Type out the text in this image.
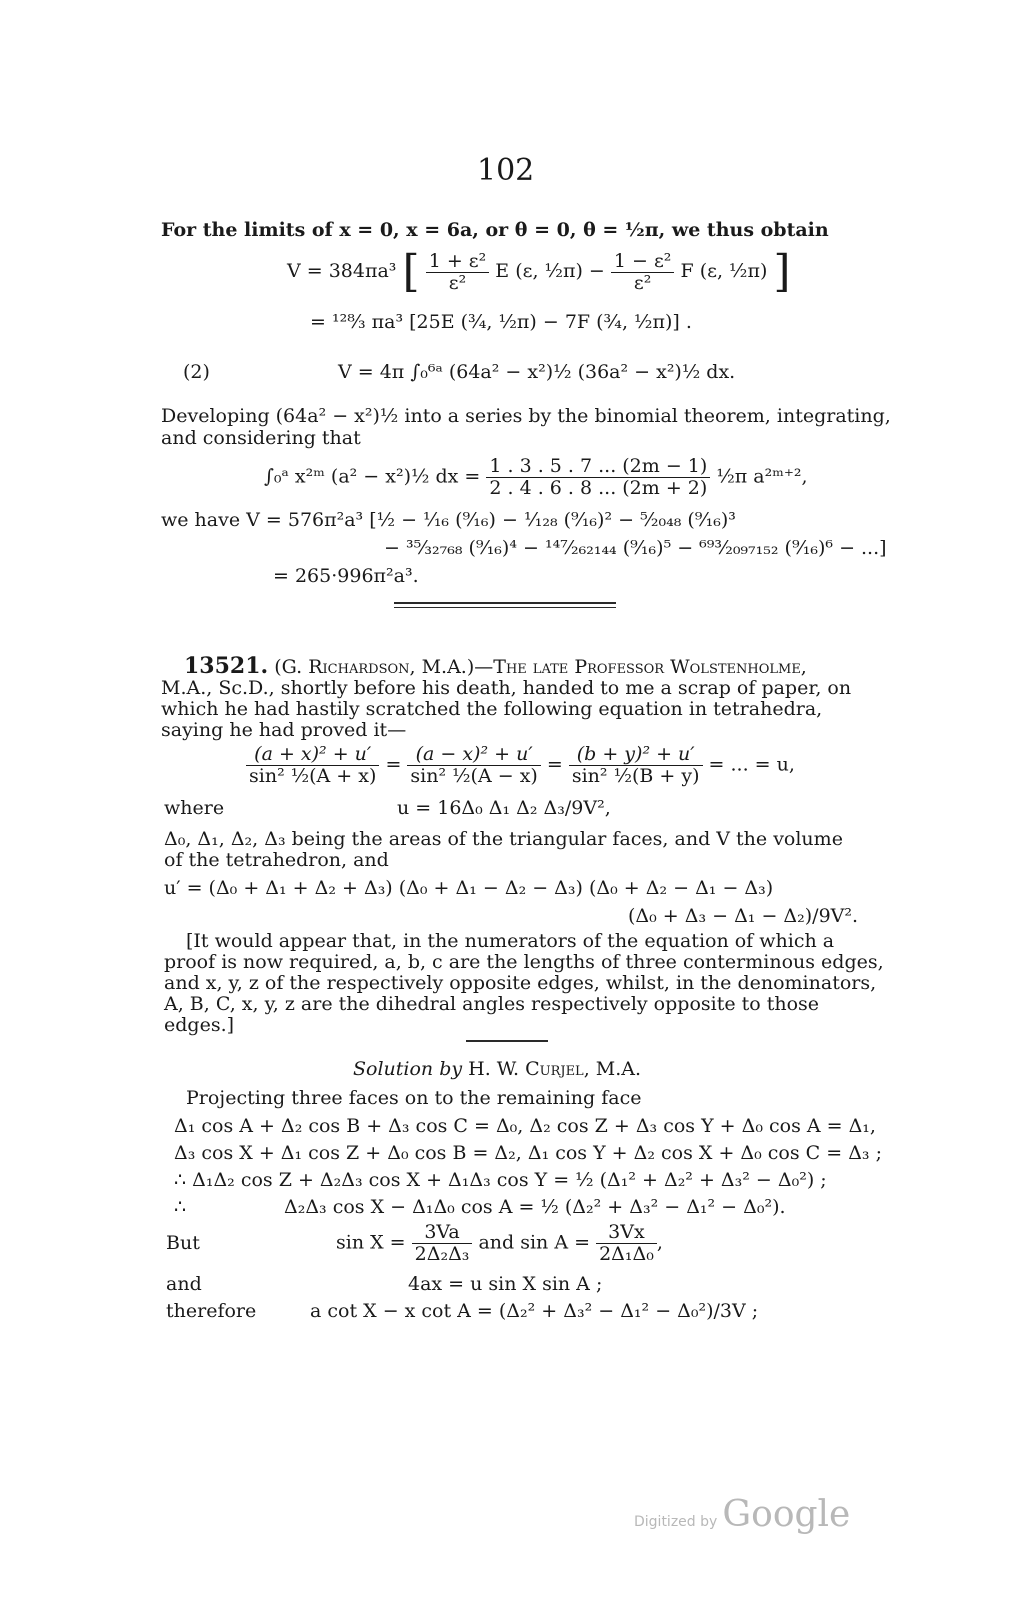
102
For the limits of x = 0, x = 6a, or θ = 0, θ = ½π, we thus obtain
V = 384πa³ [ $\frac{\text{1 + ε²}}{\text{ε²}}$ E (ε, ½π) − $\frac{\text{1 − ε²}}{\text{ε²}}$ F (ε, ½π) ]
= ¹²⁸⁄₃ πa³ [25E (¾, ½π) − 7F (¾, ½π)] .
(2)	V = 4π ∫₀⁶ᵃ (64a² − x²)½ (36a² − x²)½ dx.
Developing (64a² − x²)½ into a series by the binomial theorem, integrating,
and considering that
∫₀ᵃ x²ᵐ (a² − x²)½ dx = $\frac{1 . 3 . 5 . 7 ... (2m - 1)}{2 . 4 . 6 . 8 ... (2m + 2)}$ ½π a²ᵐ⁺²,
we have V = 576π²a³ [½ − ¹⁄₁₆ (⁹⁄₁₆) − ¹⁄₁₂₈ (⁹⁄₁₆)² − ⁵⁄₂₀₄₈ (⁹⁄₁₆)³
− ³⁵⁄₃₂₇₆₈ (⁹⁄₁₆)⁴ − ¹⁴⁷⁄₂₆₂₁₄₄ (⁹⁄₁₆)⁵ − ⁶⁹³⁄₂₀₉₇₁₅₂ (⁹⁄₁₆)⁶ − ...]
= 265·996π²a³.
13521. (G. Richardson, M.A.)—The late Professor Wolstenholme,
M.A., Sc.D., shortly before his death, handed to me a scrap of paper, on
which he had hastily scratched the following equation in tetrahedra,
saying he had proved it—
$\frac{\text{(a + x)² + u′}}{\text{sin² ½(A + x)}} = \frac{\text{(a − x)² + u′}}{\text{sin² ½(A − x)}} = \frac{\text{(b + y)² + u′}}{\text{sin² ½(B + y)}}$ = ... = u,
where	u = 16Δ₀ Δ₁ Δ₂ Δ₃/9V²,
Δ₀, Δ₁, Δ₂, Δ₃ being the areas of the triangular faces, and V the volume
of the tetrahedron, and
u′ = (Δ₀ + Δ₁ + Δ₂ + Δ₃) (Δ₀ + Δ₁ − Δ₂ − Δ₃) (Δ₀ + Δ₂ − Δ₁ − Δ₃)
(Δ₀ + Δ₃ − Δ₁ − Δ₂)/9V².
[It would appear that, in the numerators of the equation of which a
proof is now required, a, b, c are the lengths of three conterminous edges,
and x, y, z of the respectively opposite edges, whilst, in the denominators,
A, B, C, x, y, z are the dihedral angles respectively opposite to those
edges.]
Solution by H. W. Curjel, M.A.
Projecting three faces on to the remaining face
Δ₁ cos A + Δ₂ cos B + Δ₃ cos C = Δ₀, Δ₂ cos Z + Δ₃ cos Y + Δ₀ cos A = Δ₁,
Δ₃ cos X + Δ₁ cos Z + Δ₀ cos B = Δ₂, Δ₁ cos Y + Δ₂ cos X + Δ₀ cos C = Δ₃ ;
∴ Δ₁Δ₂ cos Z + Δ₂Δ₃ cos X + Δ₁Δ₃ cos Y = ½ (Δ₁² + Δ₂² + Δ₃² − Δ₀²) ;
∴	Δ₂Δ₃ cos X − Δ₁Δ₀ cos A = ½ (Δ₂² + Δ₃² − Δ₁² − Δ₀²).
But	$\sin X = \frac{3Va}{\text{2Δ₂Δ₃}}$ and $\sin A = \frac{3Vx}{\text{2Δ₁Δ₀}}$ ,
and	4ax = u sin X sin A ;
therefore	a cot X − x cot A = (Δ₂² + Δ₃² − Δ₁² − Δ₀²)/3V ;
Digitized by Google
